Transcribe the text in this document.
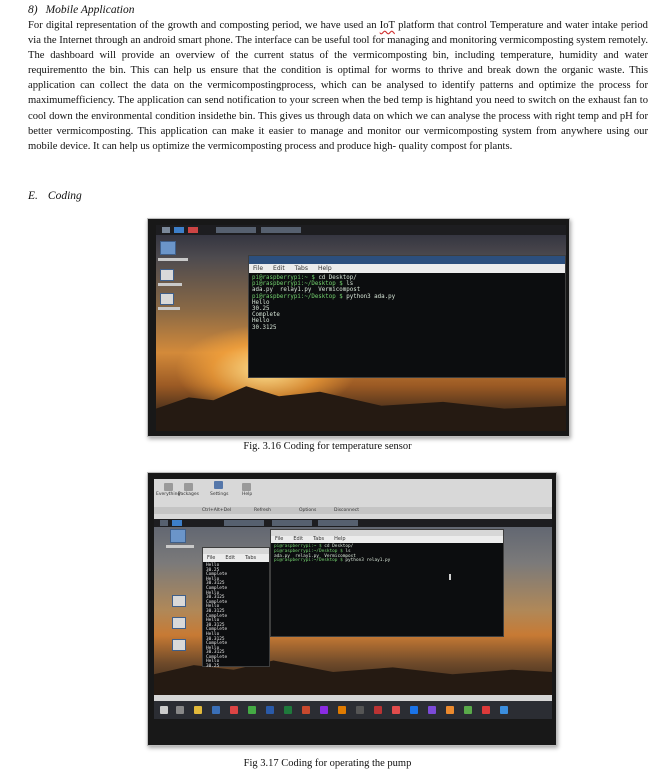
8) Mobile Application

For digital representation of the growth and composting period, we have used an IoT platform that control Temperature and water intake period via the Internet through an android smart phone. The interface can be useful tool for managing and monitoring vermicomposting system remotely. The dashboard will provide an overview of the current status of the vermicomposting bin, including temperature, humidity and water requirementto the bin. This can help us ensure that the condition is optimal for worms to thrive and break down the organic waste. This application can collect the data on the vermicompostingprocess, which can be analysed to identify patterns and optimize the process for maximumefficiency. The application can send notification to your screen when the bed temp is hightand you need to switch on the exhaust fan to cool down the environmental condition insidethe bin. This gives us through data on which we can analyse the process with right temp and pH for better vermicomposting. This application can make it easier to manage and monitor our vermicomposting system from anywhere using our mobile device. It can help us optimize the vermicomposting process and produce high- quality compost for plants.

E. Coding
File Edit Tabs Help
pi@raspberrypi:~ $ cd Desktop/
pi@raspberrypi:~/Desktop $ ls
ada.py  relay1.py  Vermicompost
pi@raspberrypi:~/Desktop $ python3 ada.py
Hello
30.25
Complete
Hello
30.3125
Fig. 3.16 Coding for temperature sensor
Everything
Packages Settings	Help
Ctrl+Alt+Del	Refresh	Options	Disconnect
File Edit Tabs
Hello
30.25
Complete
Hello
30.3125
Complete
Hello
30.3125
Complete
Hello
30.3125
Complete
Hello
30.3125
Complete
Hello
30.3125
Complete
Hello
30.3125
Complete
Hello
30.25
File Edit Tabs Help
pi@raspberrypi:~ $ cd Desktop/
pi@raspberrypi:~/Desktop $ ls
ada.py  relay1.py  Vermicompost
pi@raspberrypi:~/Desktop $ python3 relay1.py
Fig 3.17 Coding for operating the pump
